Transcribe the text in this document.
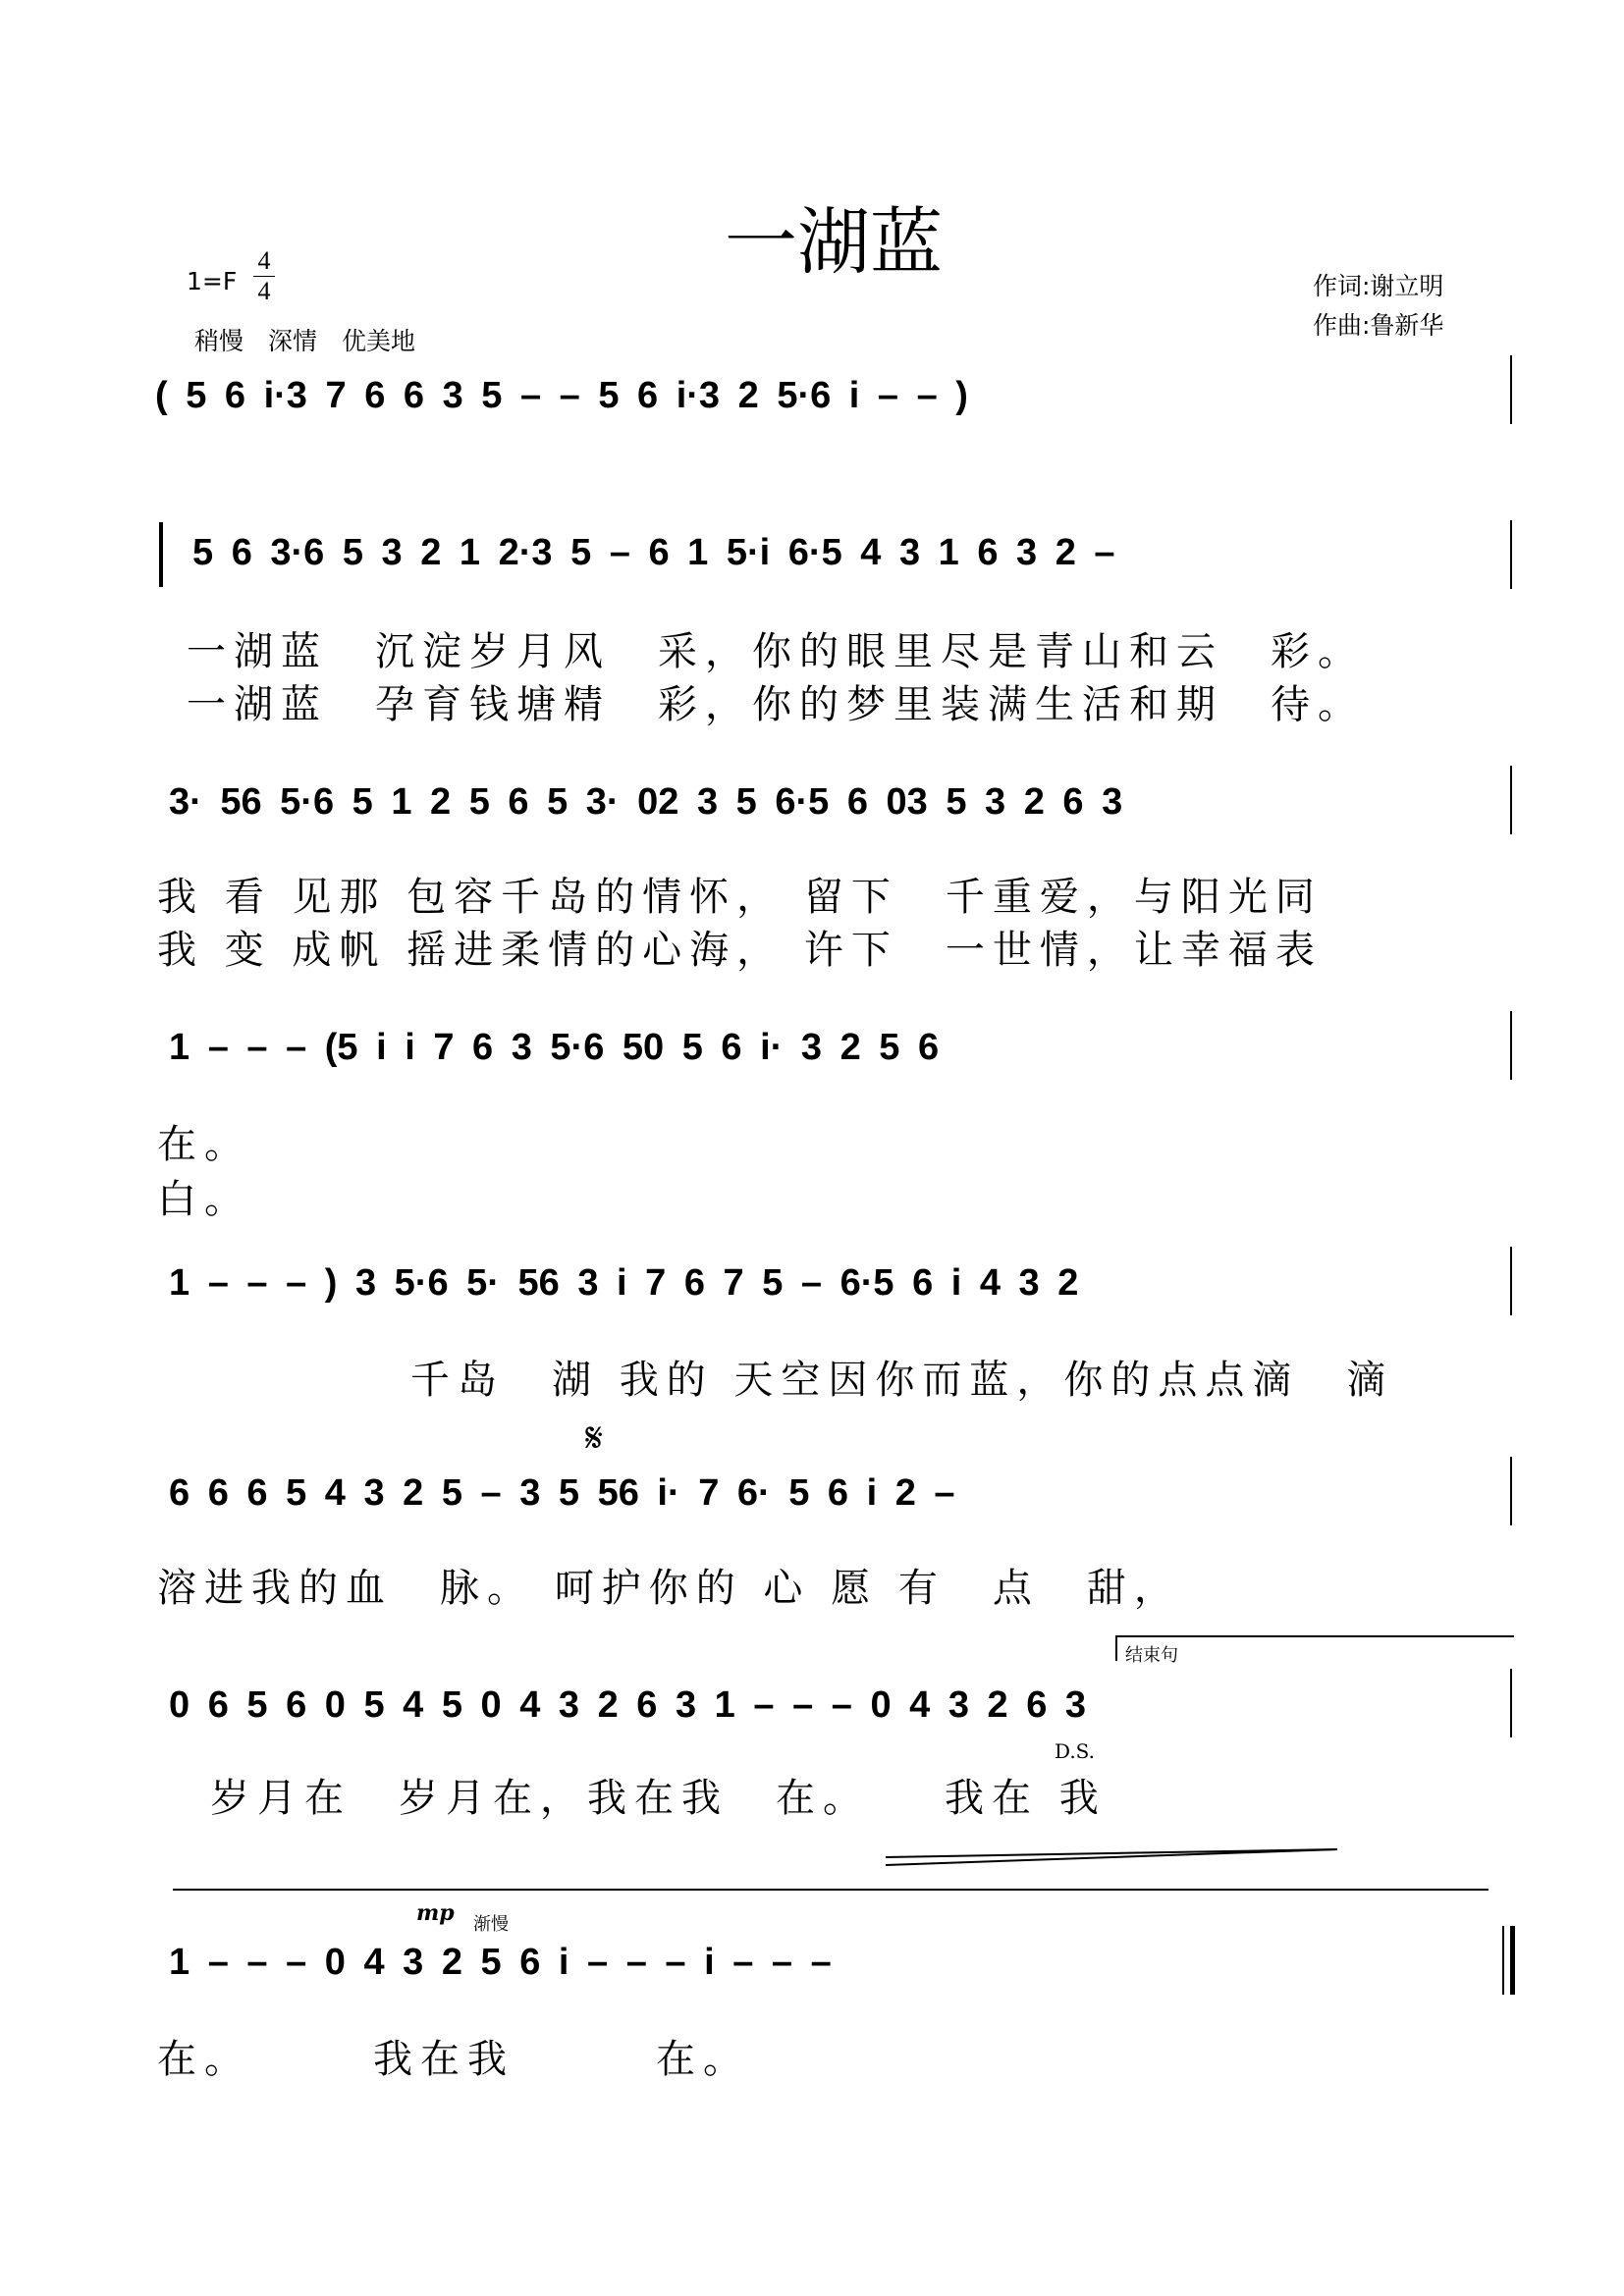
一湖蓝
1=F
4
4
稍慢　深情　优美地
作词:谢立明
作曲:鲁新华
( 5 6 i·3 7 6 6 3 5 – – 5 6 i·3 2 5·6 i – – )
5 6 3·6 5 3 2 1 2·3 5 – 6 1 5·i 6·5 4 3 1 6 3 2 –
一湖蓝　沉淀岁月风　采，你的眼里尽是青山和云　彩。
一湖蓝　孕育钱塘精　彩，你的梦里装满生活和期　待。
3· 56 5·6 5 1 2 5 6 5 3· 02 3 5 6·5 6 03 5 3 2 6 3
我 看 见那 包容千岛的情怀， 留下　千重爱，与阳光同
我 变 成帆 摇进柔情的心海， 许下　一世情，让幸福表
1 – – – (5 i i 7 6 3 5·6 50 5 6 i· 3 2 5 6
在。
白。
1 – – – ) 3 5·6 5· 56 3 i 7 6 7 5 – 6·5 6 i 4 3 2
千岛　湖 我的 天空因你而蓝，你的点点滴　滴
𝄋
6 6 6 5 4 3 2 5 – 3 5 56 i· 7 6· 5 6 i 2 –
溶进我的血　脉。 呵护你的 心 愿 有　点　甜，
结束句
0 6 5 6 0 5 4 5 0 4 3 2 6 3 1 – – – 0 4 3 2 6 3
D.S.
岁月在　岁月在，我在我　在。　　我在 我
mp 渐慢
1 – – – 0 4 3 2 5 6 i – – – i – – –
在。　　　我在我　　　在。
